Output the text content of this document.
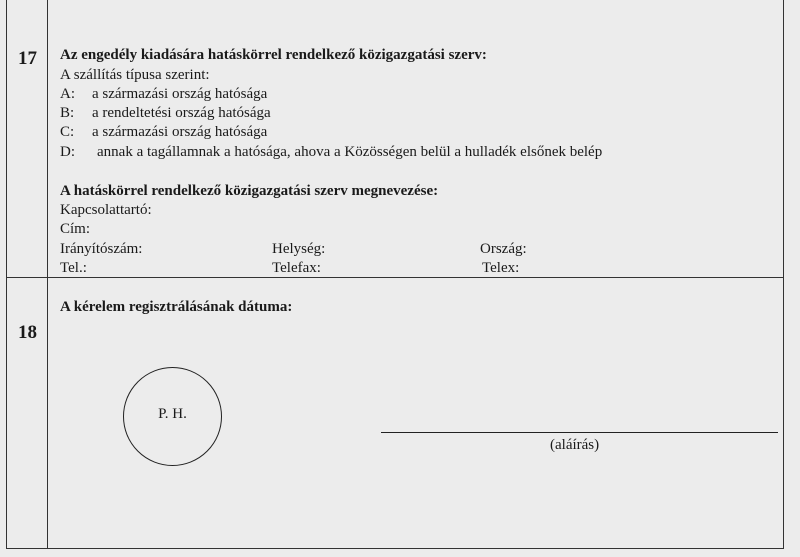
17 Az engedély kiadására hatáskörrel rendelkező közigazgatási szerv:
A szállítás típusa szerint:
A: a származási ország hatósága
B: a rendeltetési ország hatósága
C: a származási ország hatósága
D: annak a tagállamnak a hatósága, ahova a Közösségen belül a hulladék elsőnek belép
A hatáskörrel rendelkező közigazgatási szerv megnevezése:
Kapcsolattartó:
Cím:
Irányítószám:	Helység:	Ország:
Tel.:	Telefax:	Telex:
18
A kérelem regisztrálásának dátuma:
P. H.
(aláírás)
